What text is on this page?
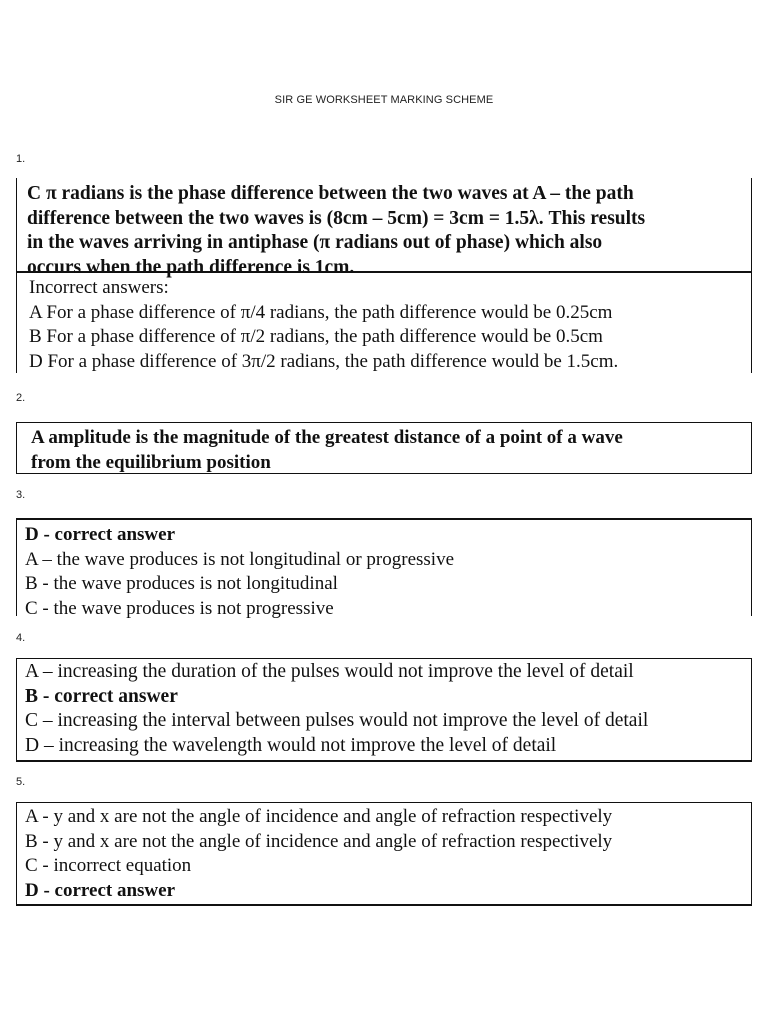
SIR GE WORKSHEET MARKING SCHEME
1.
C π radians is the phase difference between the two waves at A – the path
difference between the two waves is (8cm – 5cm) = 3cm = 1.5λ. This results
in the waves arriving in antiphase (π radians out of phase) which also
occurs when the path difference is 1cm.
Incorrect answers:
A For a phase difference of π/4 radians, the path difference would be 0.25cm
B For a phase difference of π/2 radians, the path difference would be 0.5cm
D For a phase difference of 3π/2 radians, the path difference would be 1.5cm.
2.
A amplitude is the magnitude of the greatest distance of a point of a wave
from the equilibrium position
3.
D - correct answer
A – the wave produces is not longitudinal or progressive
B - the wave produces is not longitudinal
C - the wave produces is not progressive
4.
A – increasing the duration of the pulses would not improve the level of detail
B - correct answer
C – increasing the interval between pulses would not improve the level of detail
D – increasing the wavelength would not improve the level of detail
5.
A - y and x are not the angle of incidence and angle of refraction respectively
B - y and x are not the angle of incidence and angle of refraction respectively
C - incorrect equation
D - correct answer
